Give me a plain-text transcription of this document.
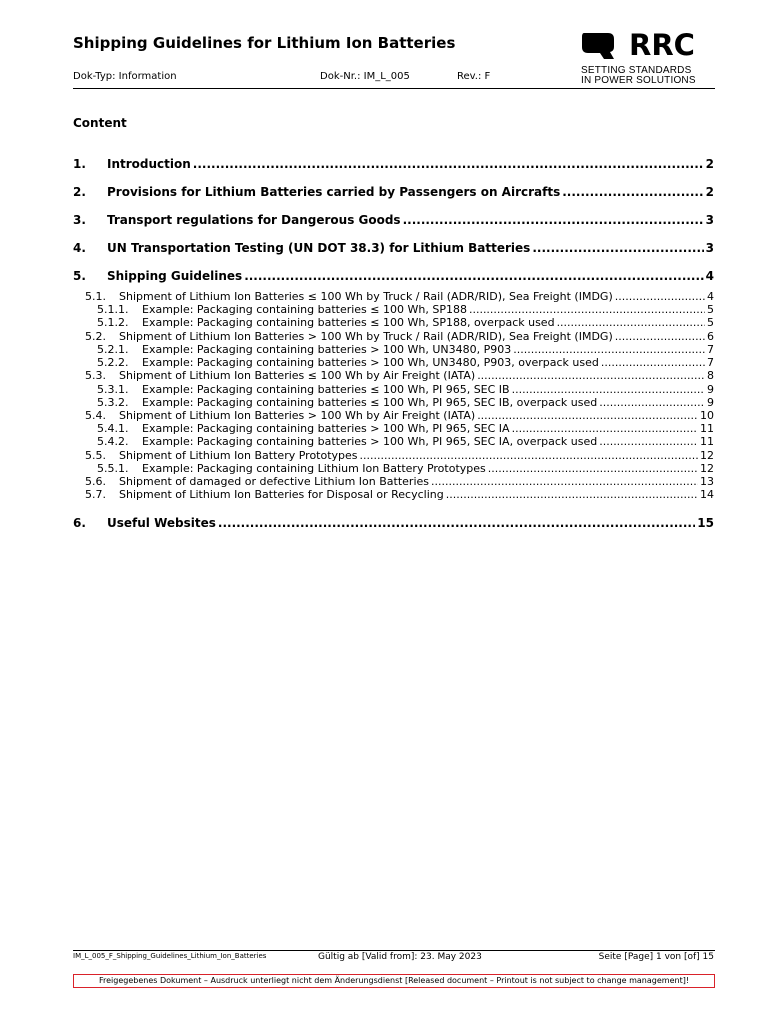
Shipping Guidelines for Lithium Ion Batteries
Dok-Typ: Information	Dok-Nr.: IM_L_005	Rev.: F
RRC
SETTING STANDARDS
IN POWER SOLUTIONS
Content
1.	Introduction .....	2
2.	Provisions for Lithium Batteries carried by Passengers on Aircrafts .....	2
3.	Transport regulations for Dangerous Goods .....	3
4.	UN Transportation Testing (UN DOT 38.3) for Lithium Batteries .....	3
5.	Shipping Guidelines .....	4
5.1.	Shipment of Lithium Ion Batteries ≤ 100 Wh by Truck / Rail (ADR/RID), Sea Freight (IMDG) .....	4
5.1.1.	Example: Packaging containing batteries ≤ 100 Wh, SP188 .....	5
5.1.2.	Example: Packaging containing batteries ≤ 100 Wh, SP188, overpack used .....	5
5.2.	Shipment of Lithium Ion Batteries > 100 Wh by Truck / Rail (ADR/RID), Sea Freight (IMDG) .....	6
5.2.1.	Example: Packaging containing batteries > 100 Wh, UN3480, P903 .....	7
5.2.2.	Example: Packaging containing batteries > 100 Wh, UN3480, P903, overpack used .....	7
5.3.	Shipment of Lithium Ion Batteries ≤ 100 Wh by Air Freight (IATA) .....	8
5.3.1.	Example: Packaging containing batteries ≤ 100 Wh, PI 965, SEC IB .....	9
5.3.2.	Example: Packaging containing batteries ≤ 100 Wh, PI 965, SEC IB, overpack used .....	9
5.4.	Shipment of Lithium Ion Batteries > 100 Wh by Air Freight (IATA) .....	10
5.4.1.	Example: Packaging containing batteries > 100 Wh, PI 965, SEC IA .....	11
5.4.2.	Example: Packaging containing batteries > 100 Wh, PI 965, SEC IA, overpack used .....	11
5.5.	Shipment of Lithium Ion Battery Prototypes .....	12
5.5.1.	Example: Packaging containing Lithium Ion Battery Prototypes .....	12
5.6.	Shipment of damaged or defective Lithium Ion Batteries .....	13
5.7.	Shipment of Lithium Ion Batteries for Disposal or Recycling .....	14
6.	Useful Websites .....	15
IM_L_005_F_Shipping_Guidelines_Lithium_Ion_Batteries	Gültig ab [Valid from]: 23. May 2023	Seite [Page] 1 von [of] 15
Freigegebenes Dokument – Ausdruck unterliegt nicht dem Änderungsdienst [Released document – Printout is not subject to change management]!
